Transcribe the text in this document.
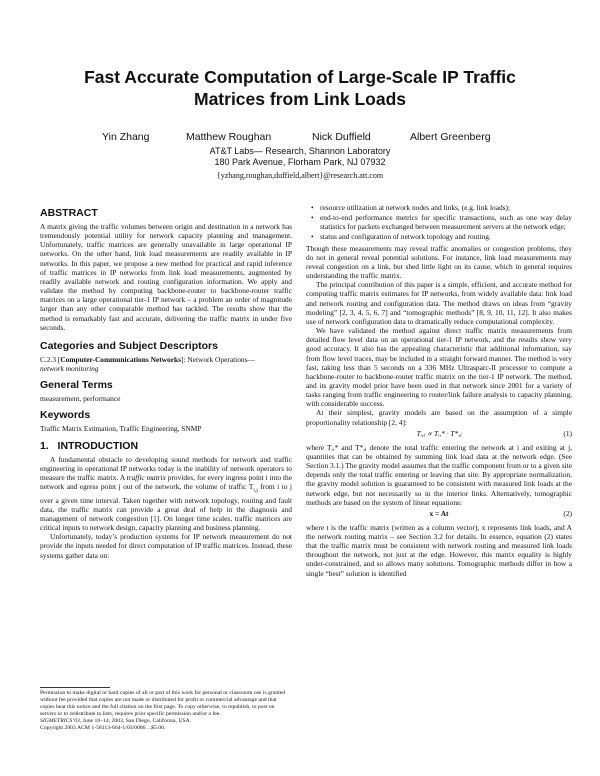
Fast Accurate Computation of Large-Scale IP Traffic
Matrices from Link Loads
Yin Zhang	Matthew Roughan	Nick Duffield	Albert Greenberg
AT&T Labs— Research, Shannon Laboratory
180 Park Avenue, Florham Park, NJ 07932
{yzhang,roughan,duffield,albert}@research.att.com
ABSTRACT

A matrix giving the traffic volumes between origin and destination in a network has tremendously potential utility for network capacity planning and management. Unfortunately, traffic matrices are generally unavailable in large operational IP networks. On the other hand, link load measurements are readily available in IP networks. In this paper, we propose a new method for practical and rapid inference of traffic matrices in IP networks from link load measurements, augmented by readily available network and routing configuration information. We apply and validate the method by computing backbone-router to backbone-router traffic matrices on a large operational tier-1 IP network – a problem an order of magnitude larger than any other comparable method has tackled. The results show that the method is remarkably fast and accurate, delivering the traffic matrix in under five seconds.

Categories and Subject Descriptors

C.2.3 [Computer-Communications Networks]: Network Operations—
network monitoring

General Terms

measurement, performance

Keywords

Traffic Matrix Estimation, Traffic Engineering, SNMP

1. INTRODUCTION

A fundamental obstacle to developing sound methods for network and traffic engineering in operational IP networks today is the inability of network operators to measure the traffic matrix. A traffic matrix provides, for every ingress point i into the network and egress point j out of the network, the volume of traffic $T_{i,j}$ from i to j over a given time interval. Taken together with network topology, routing and fault data, the traffic matrix can provide a great deal of help in the diagnosis and management of network congestion [1]. On longer time scales, traffic matrices are critical inputs to network design, capacity planning and business planning.

Unfortunately, today’s production systems for IP network measurement do not provide the inputs needed for direct computation of IP traffic matrices. Instead, these systems gather data on:

Permission to make digital or hard copies of all or part of this work for personal or classroom use is granted without fee provided that copies are not made or distributed for profit or commercial advantage and that copies bear this notice and the full citation on the first page. To copy otherwise, to republish, to post on servers or to redistribute to lists, requires prior specific permission and/or a fee.

SIGMETRICS’03, June 10–14, 2003, San Diego, California, USA.

Copyright 2003 ACM 1-58113-664-1/03/0006 ...$5.00.

• resource utilization at network nodes and links, (e.g. link loads);
• end-to-end performance metrics for specific transactions, such as one way delay statistics for packets exchanged between measurement servers at the network edge;
• status and configuration of network topology and routing.

Though these measurements may reveal traffic anomalies or congestion problems, they do not in general reveal potential solutions. For instance, link load measurements may reveal congestion on a link, but shed little light on its cause, which in general requires understanding the traffic matrix.

The principal contribution of this paper is a simple, efficient, and accurate method for computing traffic matrix estimates for IP networks, from widely available data: link load and network routing and configuration data. The method draws on ideas from “gravity modeling” [2, 3, 4, 5, 6, 7] and “tomographic methods” [8, 9, 10, 11, 12]. It also makes use of network configuration data to dramatically reduce computational complexity.

We have validated the method against direct traffic matrix measurements from detailed flow level data on an operational tier-1 IP network, and the results show very good accuracy. It also has the appealing characteristic that additional information, say from flow level traces, may be included in a straight forward manner. The method is very fast, taking less than 5 seconds on a 336 MHz Ultrasparc-II processor to compute a backbone-router to backbone-router traffic matrix on the tier-1 IP network. The method, and its gravity model prior have been used in that network since 2001 for a variety of tasks ranging from traffic engineering to router/link failure analysis to capacity planning, with considerable success.

At their simplest, gravity models are based on the assumption of a simple proportionality relationship [2, 4]:

Tᵢ,ⱼ ∝ Tᵢ,* · T*,ⱼ	(1)

where Tᵢ,* and T*,ⱼ denote the total traffic entering the network at i and exiting at j, quantities that can be obtained by summing link load data at the network edge. (See Section 3.1.) The gravity model assumes that the traffic component from or to a given site depends only the total traffic entering or leaving that site. By appropriate normalization, the gravity model solution is guaranteed to be consistent with measured link loads at the network edge, but not necessarily so in the interior links. Alternatively, tomographic methods are based on the system of linear equations:

x = At	(2)

where t is the traffic matrix (written as a column vector), x represents link loads, and A the network routing matrix – see Section 3.2 for details. In essence, equation (2) states that the traffic matrix must be consistent with network routing and measured link loads throughout the network, not just at the edge. However, this matrix equality is highly under-constrained, and so allows many solutions. Tomographic methods differ in how a single “best” solution is identified
